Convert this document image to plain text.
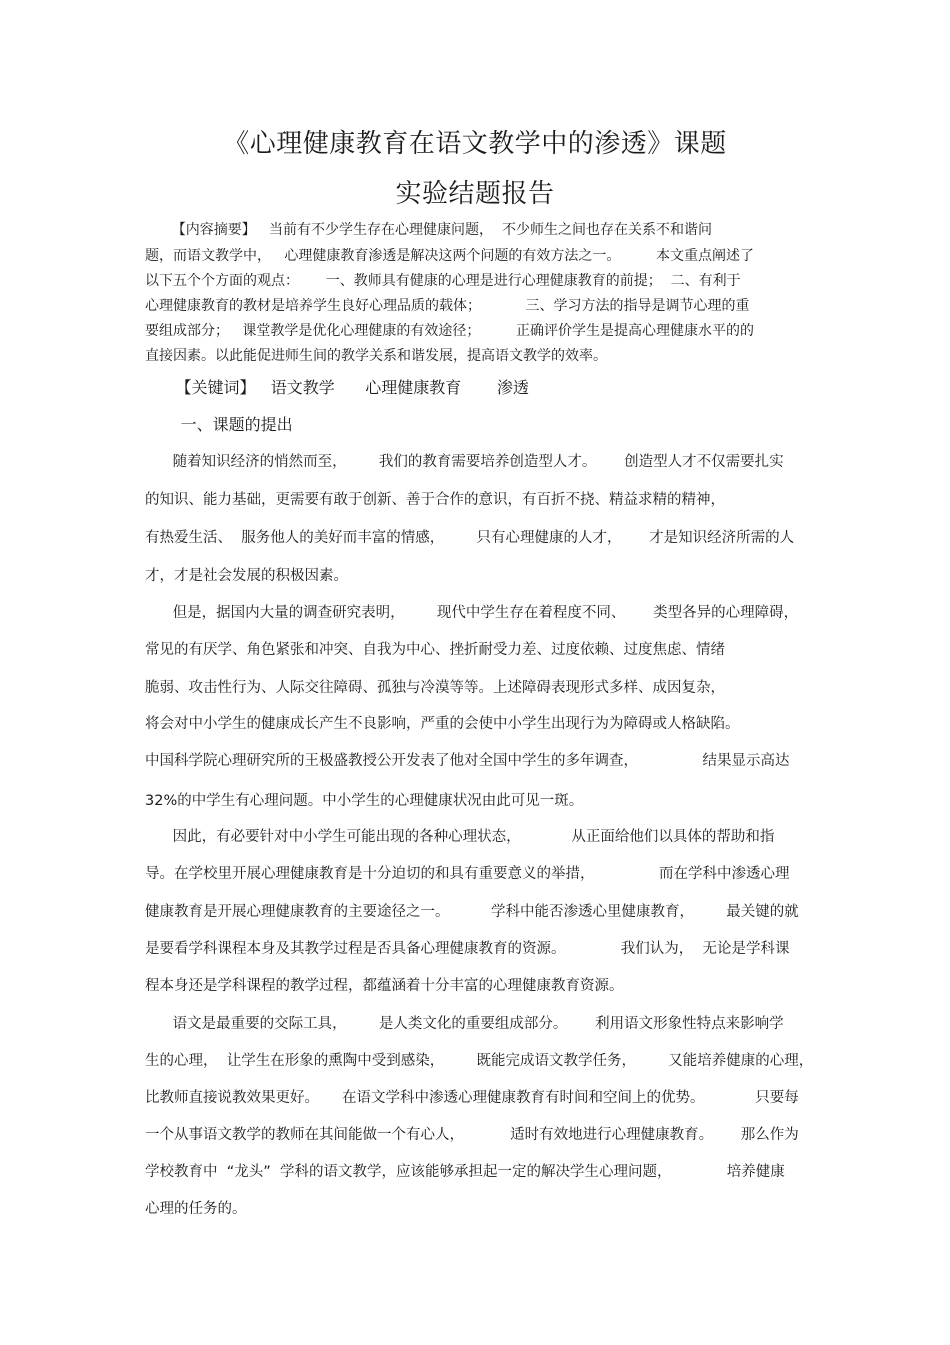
《心理健康教育在语文教学中的渗透》课题
实验结题报告
【内容摘要】   当前有不少学生存在心理健康问题，  不少师生之间也存在关系不和谐问
题，而语文教学中，   心理健康教育渗透是解决这两个问题的有效方法之一。        本文重点阐述了
以下五个个方面的观点：      一、教师具有健康的心理是进行心理健康教育的前提；  二、有利于
心理健康教育的教材是培养学生良好心理品质的载体；          三、学习方法的指导是调节心理的重
要组成部分；   课堂教学是优化心理健康的有效途径；        正确评价学生是提高心理健康水平的的
直接因素。以此能促进师生间的教学关系和谐发展，提高语文教学的效率。
【关键词】   语文教学      心理健康教育       渗透
一、课题的提出
随着知识经济的悄然而至，       我们的教育需要培养创造型人才。      创造型人才不仅需要扎实
的知识、能力基础，更需要有敢于创新、善于合作的意识，有百折不挠、精益求精的精神，
有热爱生活、  服务他人的美好而丰富的情感，       只有心理健康的人才，      才是知识经济所需的人
才，才是社会发展的积极因素。
但是，据国内大量的调查研究表明，       现代中学生存在着程度不同、      类型各异的心理障碍，
常见的有厌学、角色紧张和冲突、自我为中心、挫折耐受力差、过度依赖、过度焦虑、情绪
脆弱、攻击性行为、人际交往障碍、孤独与冷漠等等。上述障碍表现形式多样、成因复杂，
将会对中小学生的健康成长产生不良影响，严重的会使中小学生出现行为为障碍或人格缺陷。
中国科学院心理研究所的王极盛教授公开发表了他对全国中学生的多年调查，              结果显示高达
32%的中学生有心理问题。中小学生的心理健康状况由此可见一斑。
因此，有必要针对中小学生可能出现的各种心理状态，           从正面给他们以具体的帮助和指
导。在学校里开展心理健康教育是十分迫切的和具有重要意义的举措，              而在学科中渗透心理
健康教育是开展心理健康教育的主要途径之一。         学科中能否渗透心里健康教育，       最关键的就
是要看学科课程本身及其教学过程是否具备心理健康教育的资源。            我们认为，  无论是学科课
程本身还是学科课程的教学过程，都蕴涵着十分丰富的心理健康教育资源。
语文是最重要的交际工具，       是人类文化的重要组成部分。      利用语文形象性特点来影响学
生的心理，  让学生在形象的熏陶中受到感染，       既能完成语文教学任务，       又能培养健康的心理，
比教师直接说教效果更好。     在语文学科中渗透心理健康教育有时间和空间上的优势。           只要每
一个从事语文教学的教师在其间能做一个有心人，          适时有效地进行心理健康教育。      那么作为
学校教育中  “龙头”  学科的语文教学，应该能够承担起一定的解决学生心理问题，            培养健康
心理的任务的。
